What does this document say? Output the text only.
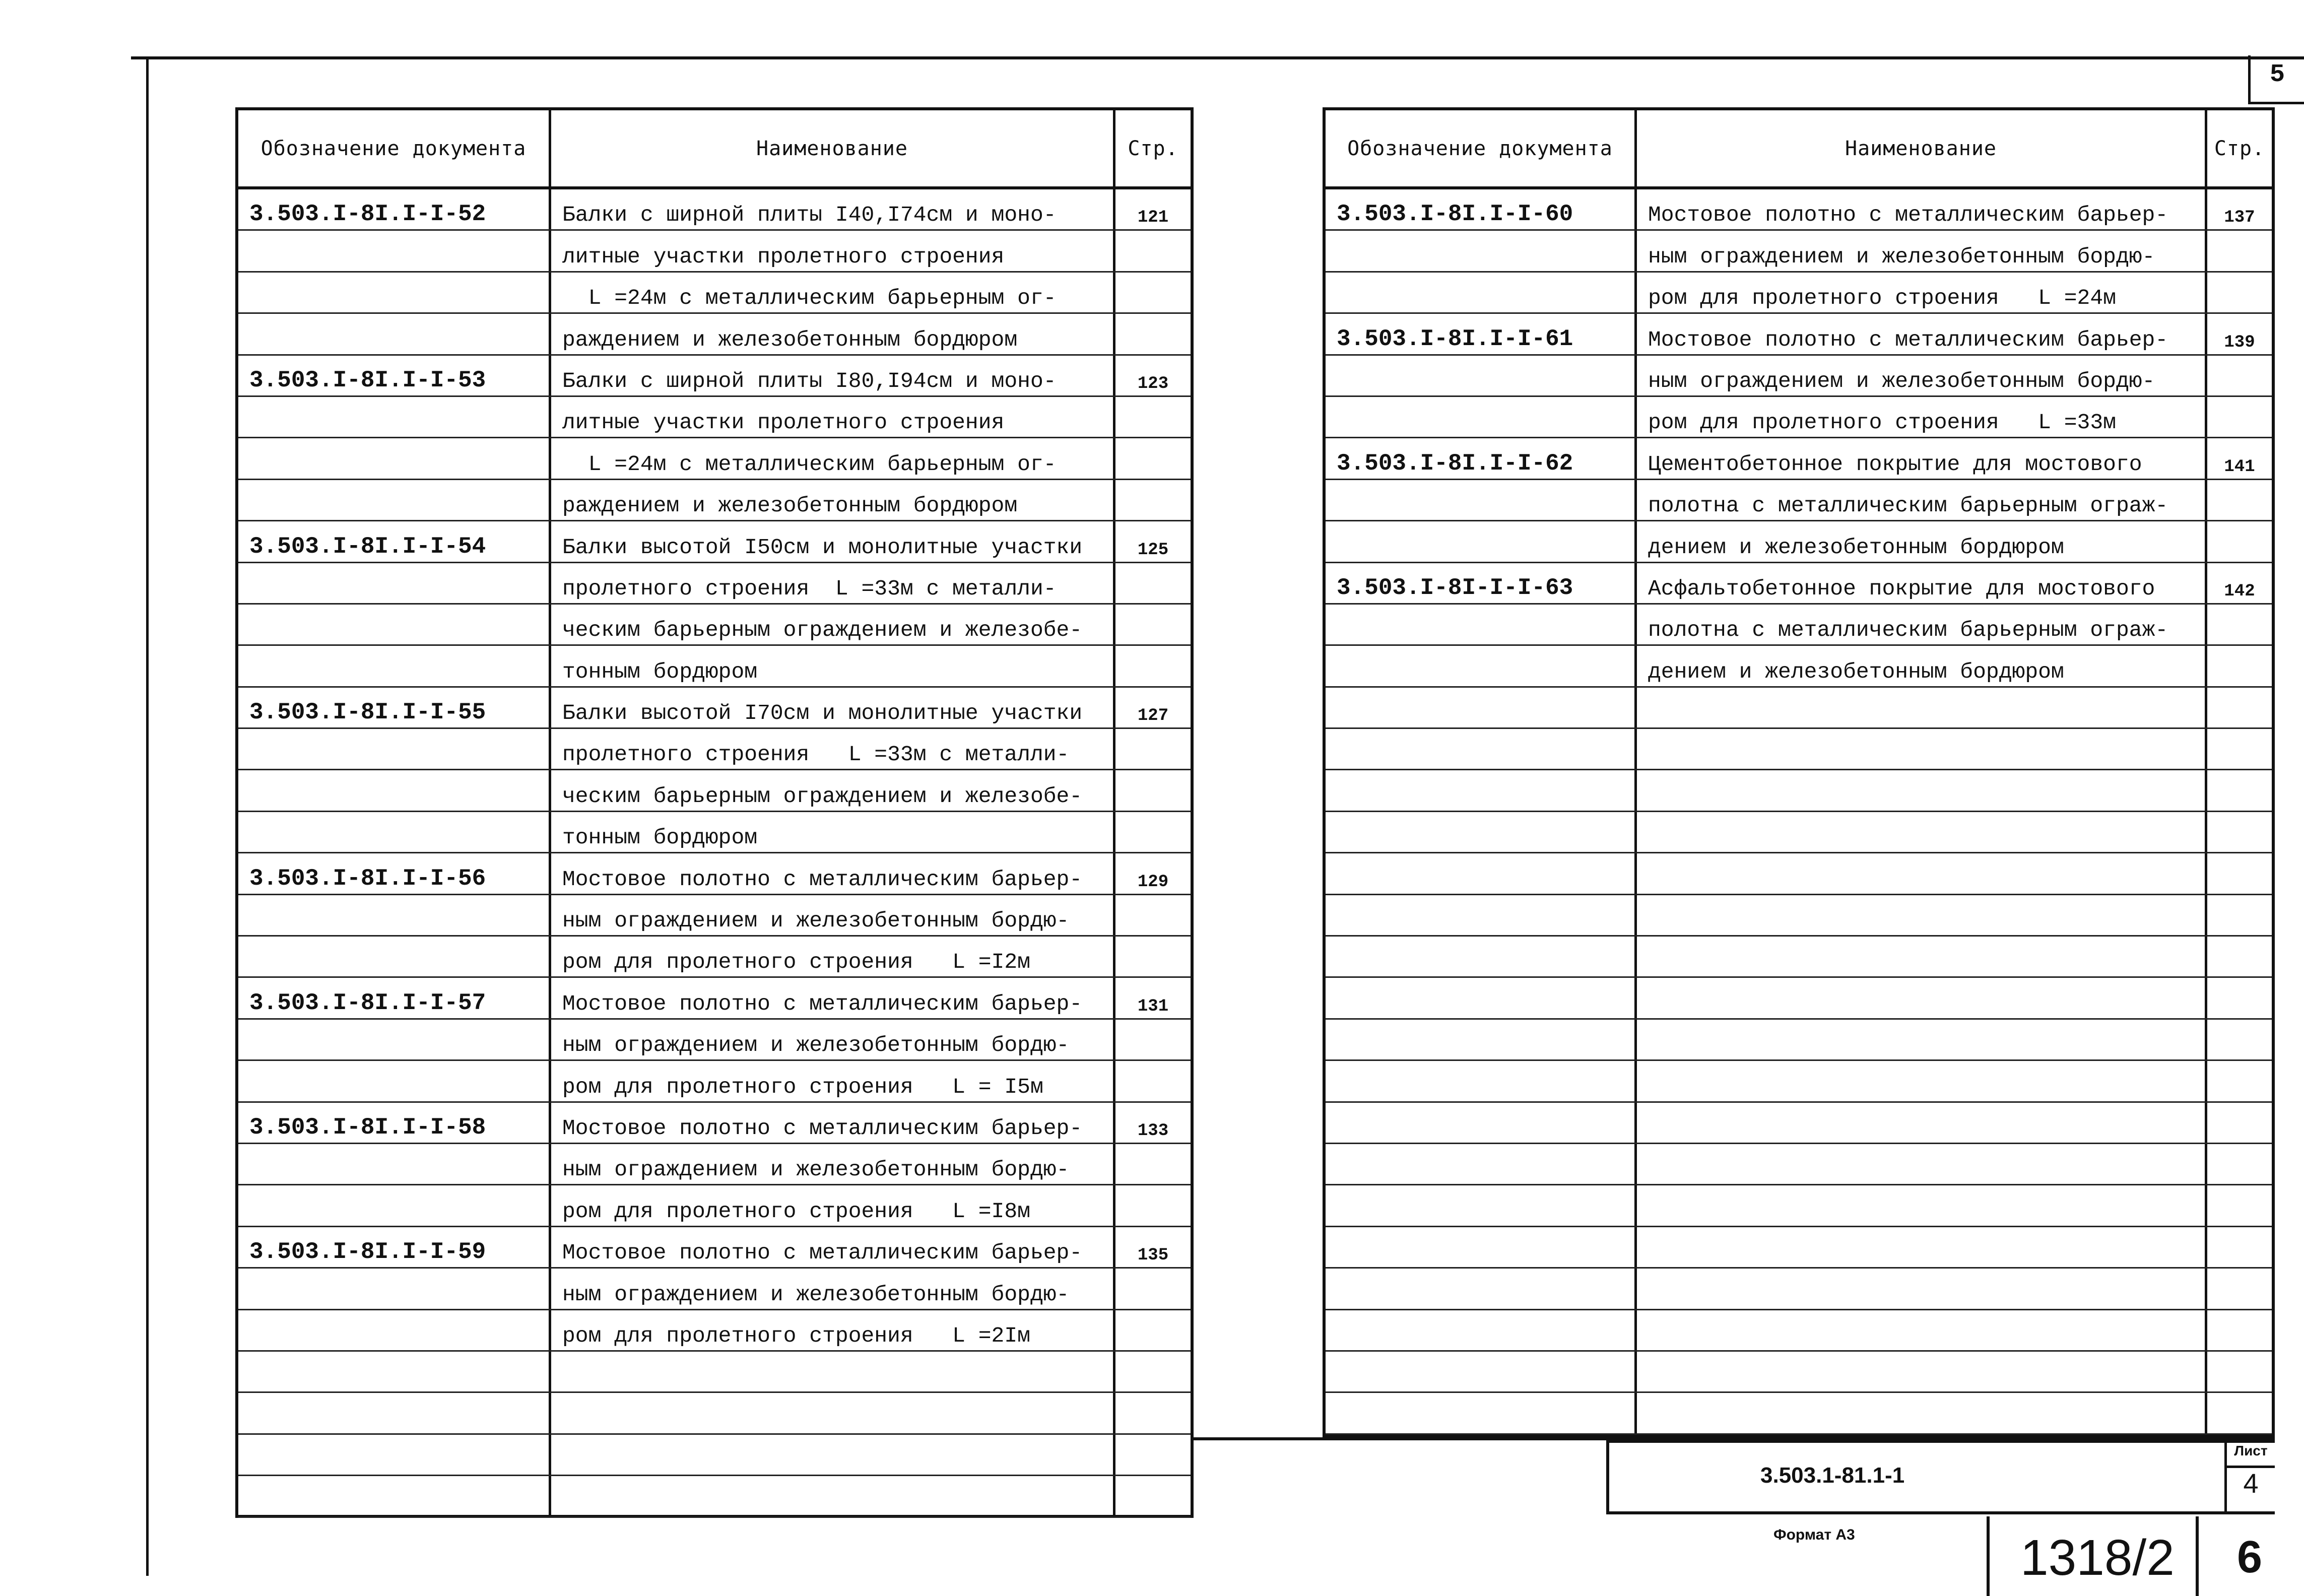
5
Обозначение документа	Наименование	Стр.
3.503.I-8I.I-I-52	Балки с ширной плиты I40,I74см и моно-	121
литные участки пролетного строения
L =24м с металлическим барьерным ог-
раждением и железобетонным бордюром
3.503.I-8I.I-I-53	Балки с ширной плиты I80,I94см и моно-	123
литные участки пролетного строения
L =24м с металлическим барьерным ог-
раждением и железобетонным бордюром
3.503.I-8I.I-I-54	Балки высотой I50см и монолитные участки	125
пролетного строения  L =33м с металли-
ческим барьерным ограждением и железобе-
тонным бордюром
3.503.I-8I.I-I-55	Балки высотой I70см и монолитные участки	127
пролетного строения   L =33м с металли-
ческим барьерным ограждением и железобе-
тонным бордюром
3.503.I-8I.I-I-56	Мостовое полотно с металлическим барьер-	129
ным ограждением и железобетонным бордю-
ром для пролетного строения   L =I2м
3.503.I-8I.I-I-57	Мостовое полотно с металлическим барьер-	131
ным ограждением и железобетонным бордю-
ром для пролетного строения   L = I5м
3.503.I-8I.I-I-58	Мостовое полотно с металлическим барьер-	133
ным ограждением и железобетонным бордю-
ром для пролетного строения   L =I8м
3.503.I-8I.I-I-59	Мостовое полотно с металлическим барьер-	135
ным ограждением и железобетонным бордю-
ром для пролетного строения   L =2Iм
Обозначение документа	Наименование	Стр.
3.503.I-8I.I-I-60	Мостовое полотно с металлическим барьер-	137
ным ограждением и железобетонным бордю-
ром для пролетного строения   L =24м
3.503.I-8I.I-I-61	Мостовое полотно с металлическим барьер-	139
ным ограждением и железобетонным бордю-
ром для пролетного строения   L =33м
3.503.I-8I.I-I-62	Цементобетонное покрытие для мостового	141
полотна с металлическим барьерным ограж-
дением и железобетонным бордюром
3.503.I-8I-I-I-63	Асфальтобетонное покрытие для мостового	142
полотна с металлическим барьерным ограж-
дением и железобетонным бордюром
3.503.1-81.1-1
Лист
4
Формат А3	1318/2 6
